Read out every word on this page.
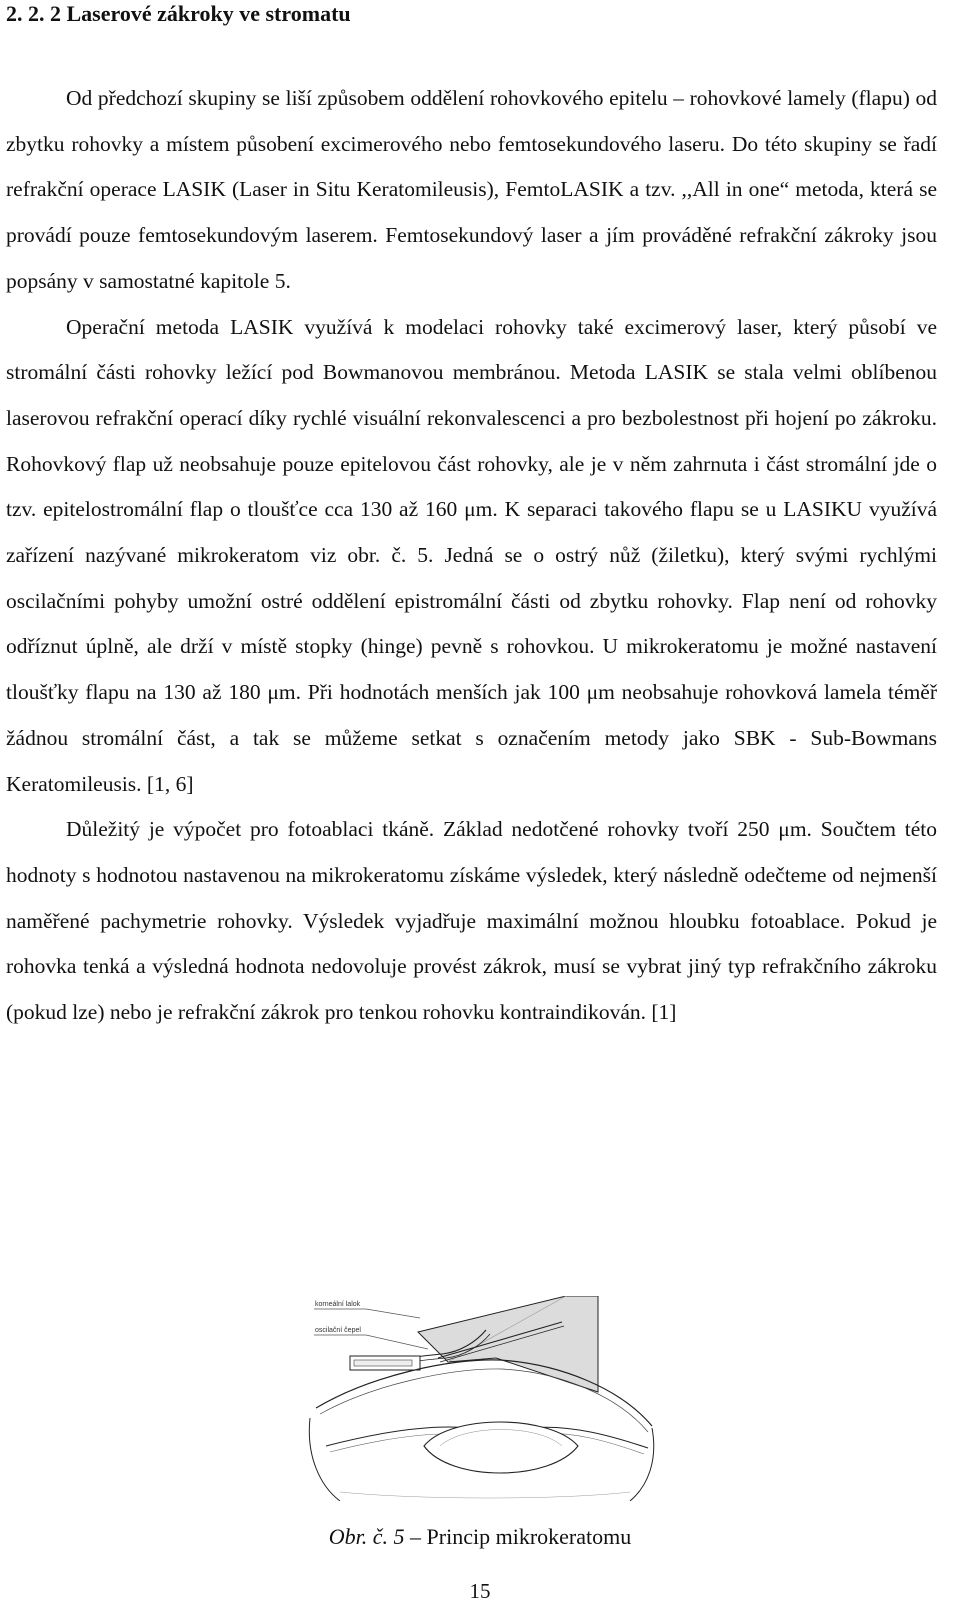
2. 2. 2 Laserové zákroky ve stromatu

Od předchozí skupiny se liší způsobem oddělení rohovkového epitelu – rohovkové lamely (flapu) od zbytku rohovky a místem působení excimerového nebo femtosekundového laseru. Do této skupiny se řadí refrakční operace LASIK (Laser in Situ Keratomileusis), FemtoLASIK a tzv. ,,All in one“ metoda, která se provádí pouze femtosekundovým laserem. Femtosekundový laser a jím prováděné refrakční zákroky jsou popsány v samostatné kapitole 5.

Operační metoda LASIK využívá k modelaci rohovky také excimerový laser, který působí ve stromální části rohovky ležící pod Bowmanovou membránou. Metoda LASIK se stala velmi oblíbenou laserovou refrakční operací díky rychlé visuální rekonvalescenci a pro bezbolestnost při hojení po zákroku. Rohovkový flap už neobsahuje pouze epitelovou část rohovky, ale je v něm zahrnuta i část stromální jde o tzv. epitelostromální flap o tloušťce cca 130 až 160 μm. K separaci takového flapu se u LASIKU využívá zařízení nazývané mikrokeratom viz obr. č. 5. Jedná se o ostrý nůž (žiletku), který svými rychlými oscilačními pohyby umožní ostré oddělení epistromální části od zbytku rohovky. Flap není od rohovky odříznut úplně, ale drží v místě stopky (hinge) pevně s rohovkou. U mikrokeratomu je možné nastavení tloušťky flapu na 130 až 180 μm. Při hodnotách menších jak 100 μm neobsahuje rohovková lamela téměř žádnou stromální část, a tak se můžeme setkat s označením metody jako SBK - Sub-Bowmans Keratomileusis. [1, 6]

Důležitý je výpočet pro fotoablaci tkáně. Základ nedotčené rohovky tvoří 250 μm. Součtem této hodnoty s hodnotou nastavenou na mikrokeratomu získáme výsledek, který následně odečteme od nejmenší naměřené pachymetrie rohovky. Výsledek vyjadřuje maximální možnou hloubku fotoablace. Pokud je rohovka tenká a výsledná hodnota nedovoluje provést zákrok, musí se vybrat jiný typ refrakčního zákroku (pokud lze) nebo je refrakční zákrok pro tenkou rohovku kontraindikován. [1]

korneální lalok
oscilační čepel
Obr. č. 5 – Princip mikrokeratomu
15
